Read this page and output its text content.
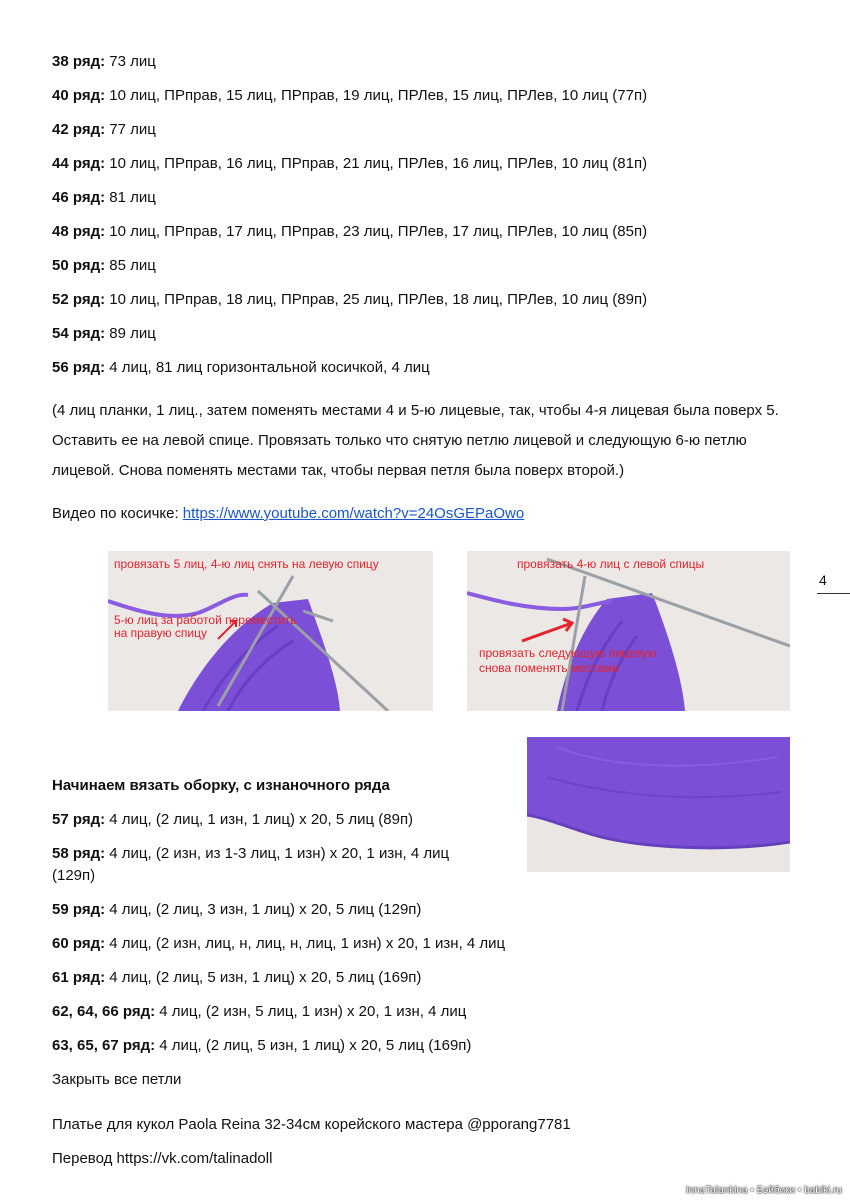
38 ряд: 73 лиц
40 ряд: 10 лиц, ПРправ, 15 лиц, ПРправ, 19 лиц, ПРЛев, 15 лиц, ПРЛев, 10 лиц (77п)
42 ряд: 77 лиц
44 ряд: 10 лиц, ПРправ, 16 лиц, ПРправ, 21 лиц, ПРЛев, 16 лиц, ПРЛев, 10 лиц (81п)
46 ряд: 81 лиц
48 ряд: 10 лиц, ПРправ, 17 лиц, ПРправ, 23 лиц, ПРЛев, 17 лиц, ПРЛев, 10 лиц (85п)
50 ряд: 85 лиц
52 ряд: 10 лиц, ПРправ, 18 лиц, ПРправ, 25 лиц, ПРЛев, 18 лиц, ПРЛев, 10 лиц (89п)
54 ряд: 89 лиц
56 ряд: 4 лиц, 81 лиц горизонтальной косичкой, 4 лиц
(4 лиц планки, 1 лиц., затем поменять местами 4 и 5-ю лицевые, так, чтобы 4-я лицевая была поверх 5. Оставить ее на левой спице. Провязать только что снятую петлю лицевой и следующую 6-ю петлю лицевой. Снова поменять местами так, чтобы первая петля была поверх второй.)
Видео по косичке: https://www.youtube.com/watch?v=24OsGEPaOwo
провязать 5 лиц, 4-ю лиц снять на левую спицу
5-ю лиц за работой переместить
на правую спицу
провязать 4-ю лиц с левой спицы
провязать следующую лицевую
снова поменять местами
4
Начинаем вязать оборку, с изнаночного ряда
57 ряд: 4 лиц, (2 лиц, 1 изн, 1 лиц) х 20, 5 лиц (89п)
58 ряд: 4 лиц, (2 изн, из 1-3 лиц, 1 изн) х 20, 1 изн, 4 лиц
(129п)
59 ряд: 4 лиц, (2 лиц, 3 изн, 1 лиц) х 20, 5 лиц (129п)
60 ряд: 4 лиц, (2 изн, лиц, н, лиц, н, лиц, 1 изн) х 20, 1 изн, 4 лиц
61 ряд: 4 лиц, (2 лиц, 5 изн, 1 лиц) х 20, 5 лиц (169п)
62, 64, 66 ряд: 4 лиц, (2 изн, 5 лиц, 1 изн) х 20, 1 изн, 4 лиц
63, 65, 67 ряд: 4 лиц, (2 лиц, 5 изн, 1 лиц) х 20, 5 лиц (169п)
Закрыть все петли
Платье для кукол Paola Reina 32-34см корейского мастера @pporang7781
Перевод https://vk.com/talinadoll
InnaTalankina • Бэйбики • babiki.ru
